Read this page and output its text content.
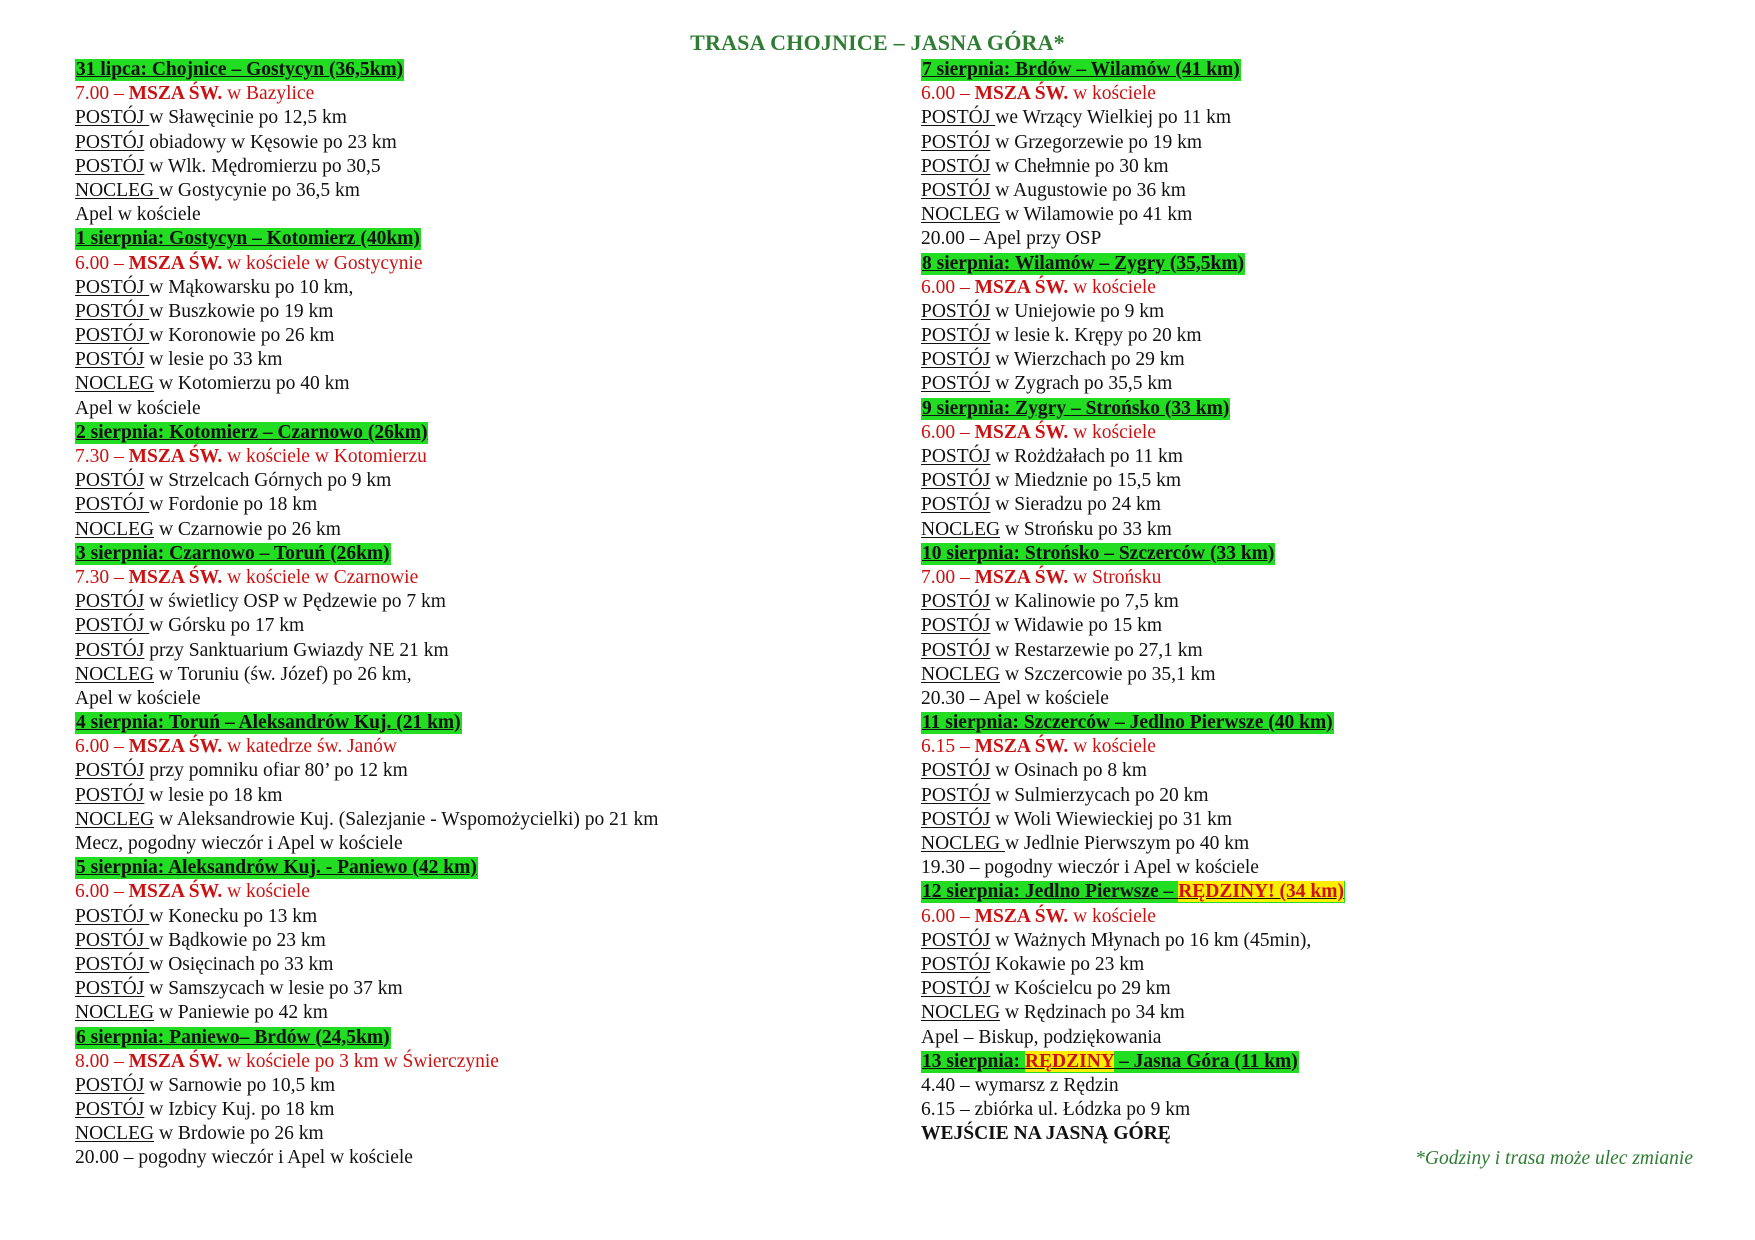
TRASA CHOJNICE – JASNA GÓRA*
31 lipca: Chojnice – Gostycyn (36,5km)
7.00 – MSZA ŚW. w Bazylice
POSTÓJ w Sławęcinie po 12,5 km
POSTÓJ obiadowy w Kęsowie po 23 km
POSTÓJ w Wlk. Mędromierzu po 30,5
NOCLEG w Gostycynie po 36,5 km
Apel w kościele
1 sierpnia: Gostycyn – Kotomierz (40km)
6.00 – MSZA ŚW. w kościele w Gostycynie
POSTÓJ w Mąkowarsku po 10 km,
POSTÓJ w Buszkowie po 19 km
POSTÓJ w Koronowie po 26 km
POSTÓJ w lesie po 33 km
NOCLEG w Kotomierzu po 40 km
Apel w kościele
2 sierpnia: Kotomierz – Czarnowo (26km)
7.30 – MSZA ŚW. w kościele w Kotomierzu
POSTÓJ w Strzelcach Górnych po 9 km
POSTÓJ w Fordonie po 18 km
NOCLEG w Czarnowie po 26 km
3 sierpnia: Czarnowo – Toruń (26km)
7.30 – MSZA ŚW. w kościele w Czarnowie
POSTÓJ w świetlicy OSP w Pędzewie po 7 km
POSTÓJ w Górsku po 17 km
POSTÓJ przy Sanktuarium Gwiazdy NE 21 km
NOCLEG w Toruniu (św. Józef) po 26 km,
Apel w kościele
4 sierpnia: Toruń – Aleksandrów Kuj. (21 km)
6.00 – MSZA ŚW. w katedrze św. Janów
POSTÓJ przy pomniku ofiar 80’ po 12 km
POSTÓJ w lesie po 18 km
NOCLEG w Aleksandrowie Kuj. (Salezjanie - Wspomożycielki) po 21 km
Mecz, pogodny wieczór i Apel w kościele
5 sierpnia: Aleksandrów Kuj. - Paniewo (42 km)
6.00 – MSZA ŚW. w kościele
POSTÓJ w Konecku po 13 km
POSTÓJ w Bądkowie po 23 km
POSTÓJ w Osięcinach po 33 km
POSTÓJ w Samszycach w lesie po 37 km
NOCLEG w Paniewie po 42 km
6 sierpnia: Paniewo– Brdów (24,5km)
8.00 – MSZA ŚW. w kościele po 3 km w Świerczynie
POSTÓJ w Sarnowie po 10,5 km
POSTÓJ w Izbicy Kuj. po 18 km
NOCLEG w Brdowie po 26 km
20.00 – pogodny wieczór i Apel w kościele
7 sierpnia: Brdów – Wilamów (41 km)
6.00 – MSZA ŚW. w kościele
POSTÓJ we Wrzący Wielkiej po 11 km
POSTÓJ w Grzegorzewie po 19 km
POSTÓJ w Chełmnie po 30 km
POSTÓJ w Augustowie po 36 km
NOCLEG w Wilamowie po 41 km
20.00 – Apel przy OSP
8 sierpnia: Wilamów – Zygry (35,5km)
6.00 – MSZA ŚW. w kościele
POSTÓJ w Uniejowie po 9 km
POSTÓJ w lesie k. Krępy po 20 km
POSTÓJ w Wierzchach po 29 km
POSTÓJ w Zygrach po 35,5 km
9 sierpnia: Zygry – Strońsko (33 km)
6.00 – MSZA ŚW. w kościele
POSTÓJ w Rożdżałach po 11 km
POSTÓJ w Miedznie po 15,5 km
POSTÓJ w Sieradzu po 24 km
NOCLEG w Strońsku po 33 km
10 sierpnia: Strońsko – Szczerców (33 km)
7.00 – MSZA ŚW. w Strońsku
POSTÓJ w Kalinowie po 7,5 km
POSTÓJ w Widawie po 15 km
POSTÓJ w Restarzewie po 27,1 km
NOCLEG w Szczercowie po 35,1 km
20.30 – Apel w kościele
11 sierpnia: Szczerców – Jedlno Pierwsze (40 km)
6.15 – MSZA ŚW. w kościele
POSTÓJ w Osinach po 8 km
POSTÓJ w Sulmierzycach po 20 km
POSTÓJ w Woli Wiewieckiej po 31 km
NOCLEG w Jedlnie Pierwszym po 40 km
19.30 – pogodny wieczór i Apel w kościele
12 sierpnia: Jedlno Pierwsze – RĘDZINY! (34 km)
6.00 – MSZA ŚW. w kościele
POSTÓJ w Ważnych Młynach po 16 km (45min),
POSTÓJ Kokawie po 23 km
POSTÓJ w Kościelcu po 29 km
NOCLEG w Rędzinach po 34 km
Apel – Biskup, podziękowania
13 sierpnia: RĘDZINY – Jasna Góra (11 km)
4.40 – wymarsz z Rędzin
6.15 – zbiórka ul. Łódzka po 9 km
WEJŚCIE NA JASNĄ GÓRĘ
*Godziny i trasa może ulec zmianie
